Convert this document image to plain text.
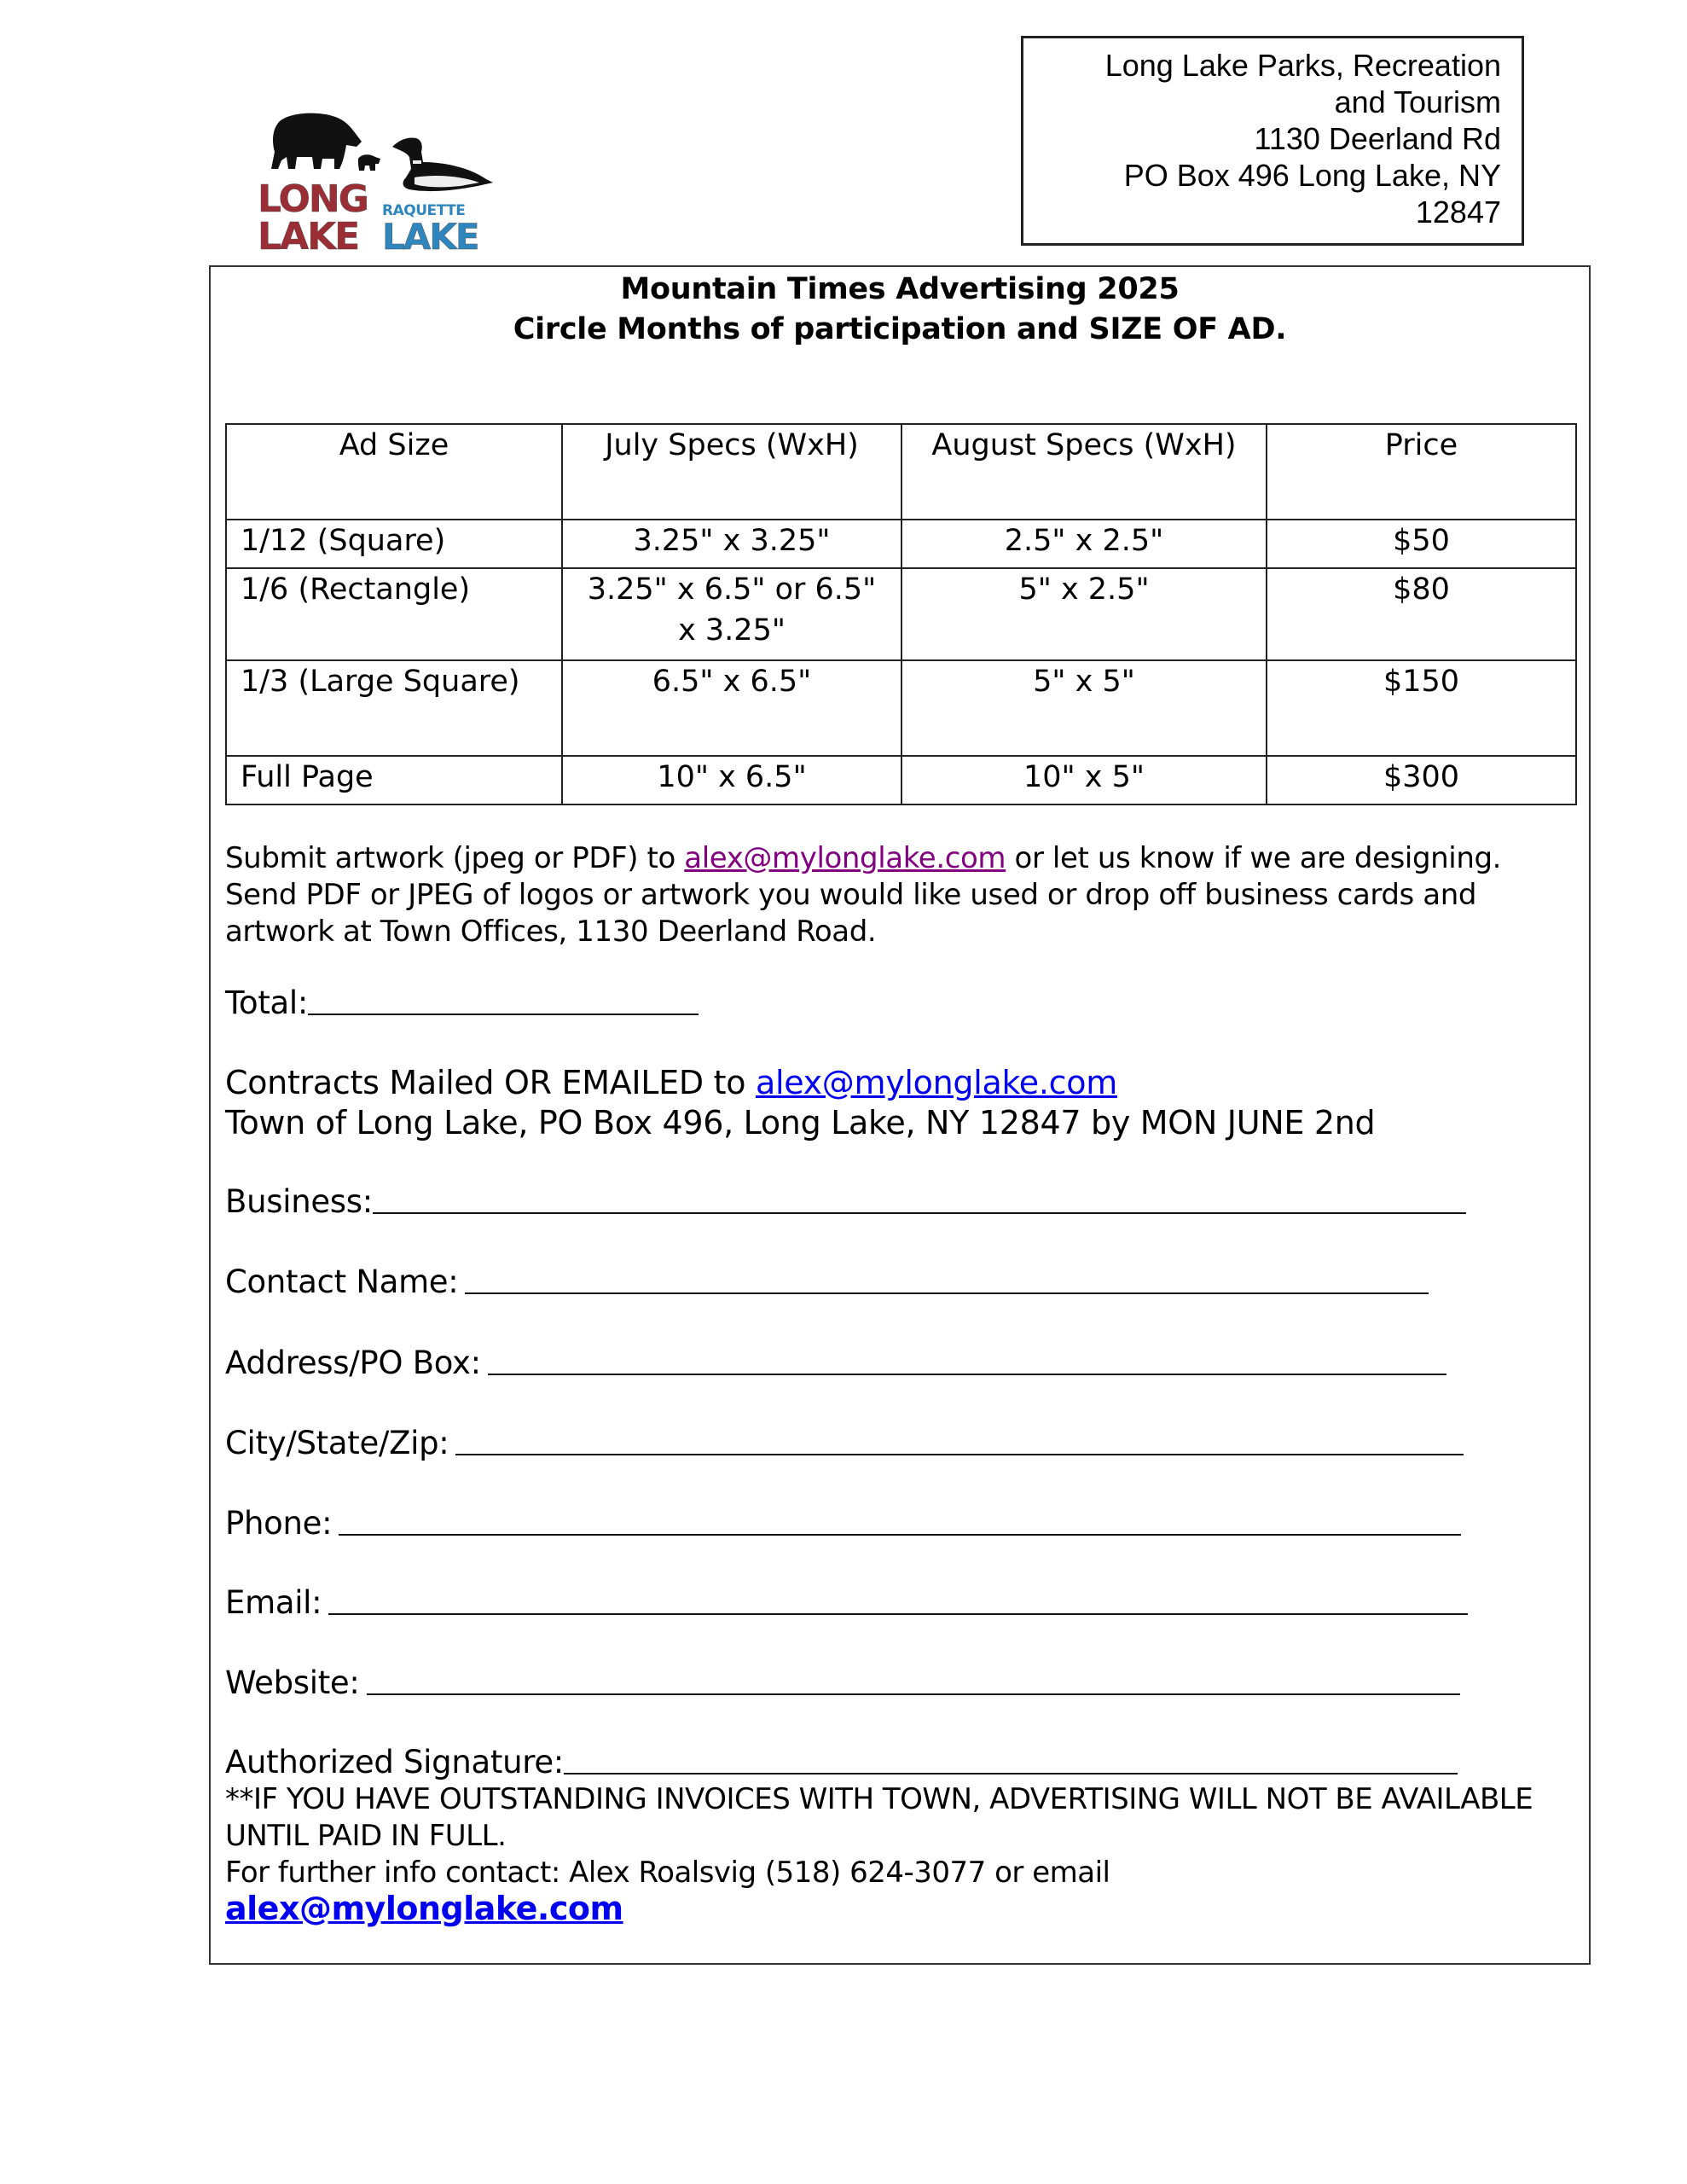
LONG
LAKE
RAQUETTE
LAKE
Long Lake Parks, Recreation
and Tourism
1130 Deerland Rd
PO Box 496 Long Lake, NY
12847
Mountain Times Advertising 2025
Circle Months of participation and SIZE OF AD.
Ad Size	July Specs (WxH)	August Specs (WxH)	Price
1/12 (Square)	3.25" x 3.25"	2.5" x 2.5"	$50
1/6 (Rectangle)	3.25" x 6.5" or 6.5" x 3.25"	5" x 2.5"	$80
1/3 (Large Square)	6.5" x 6.5"	5" x 5"	$150
Full Page	10" x 6.5"	10" x 5"	$300
Submit artwork (jpeg or PDF) to alex@mylonglake.com or let us know if we are designing. Send PDF or JPEG of logos or artwork you would like used or drop off business cards and artwork at Town Offices, 1130 Deerland Road.
Total:
Contracts Mailed OR EMAILED to alex@mylonglake.com
Town of Long Lake, PO Box 496, Long Lake, NY 12847 by MON JUNE 2nd
Business:
Contact Name:
Address/PO Box:
City/State/Zip:
Phone:
Email:
Website:
Authorized Signature:
**IF YOU HAVE OUTSTANDING INVOICES WITH TOWN, ADVERTISING WILL NOT BE AVAILABLE UNTIL PAID IN FULL.
For further info contact: Alex Roalsvig (518) 624-3077 or email
alex@mylonglake.com
